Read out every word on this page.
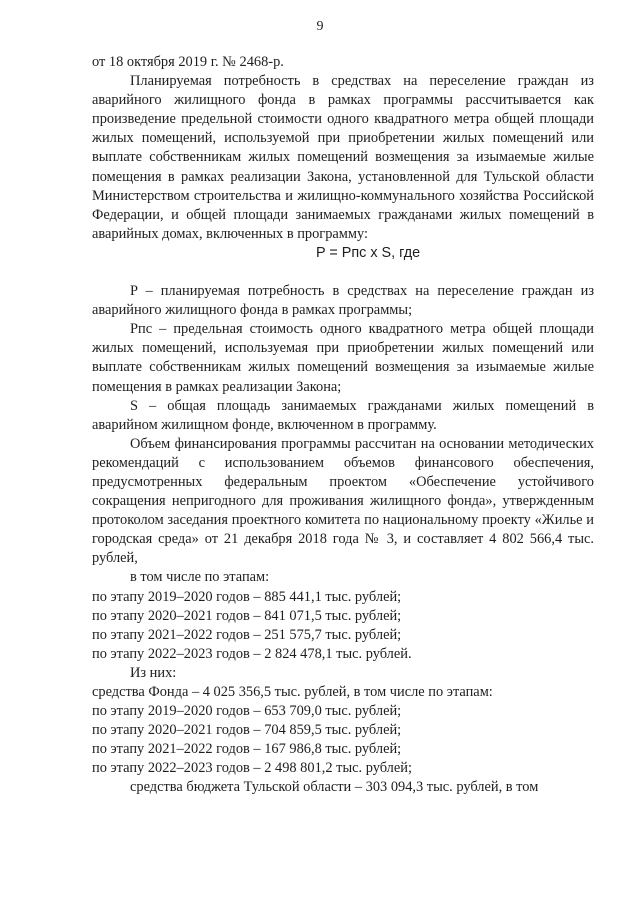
9

от 18 октября 2019 г. № 2468-р.

Планируемая потребность в средствах на переселение граждан из аварийного жилищного фонда в рамках программы рассчитывается как произведение предельной стоимости одного квадратного метра общей площади жилых помещений, используемой при приобретении жилых помещений или выплате собственникам жилых помещений возмещения за изымаемые жилые помещения в рамках реализации Закона, установленной для Тульской области Министерством строительства и жилищно-коммунального хозяйства Российской Федерации, и общей площади занимаемых гражданами жилых помещений в аварийных домах, включенных в программу:

P = Рпс x S, где

P – планируемая потребность в средствах на переселение граждан из аварийного жилищного фонда в рамках программы;

Рпс – предельная стоимость одного квадратного метра общей площади жилых помещений, используемая при приобретении жилых помещений или выплате собственникам жилых помещений возмещения за изымаемые жилые помещения в рамках реализации Закона;

S – общая площадь занимаемых гражданами жилых помещений в аварийном жилищном фонде, включенном в программу.

Объем финансирования программы рассчитан на основании методических рекомендаций с использованием объемов финансового обеспечения, предусмотренных федеральным проектом «Обеспечение устойчивого сокращения непригодного для проживания жилищного фонда», утвержденным протоколом заседания проектного комитета по национальному проекту «Жилье и городская среда» от 21 декабря 2018 года № 3, и составляет 4 802 566,4 тыс. рублей,

в том числе по этапам:

по этапу 2019–2020 годов – 885 441,1 тыс. рублей;

по этапу 2020–2021 годов – 841 071,5 тыс. рублей;

по этапу 2021–2022 годов – 251 575,7 тыс. рублей;

по этапу 2022–2023 годов – 2 824 478,1 тыс. рублей.

Из них:

средства Фонда – 4 025 356,5 тыс. рублей, в том числе по этапам:

по этапу 2019–2020 годов – 653 709,0 тыс. рублей;

по этапу 2020–2021 годов – 704 859,5 тыс. рублей;

по этапу 2021–2022 годов – 167 986,8 тыс. рублей;

по этапу 2022–2023 годов – 2 498 801,2 тыс. рублей;

средства бюджета Тульской области – 303 094,3 тыс. рублей, в том
